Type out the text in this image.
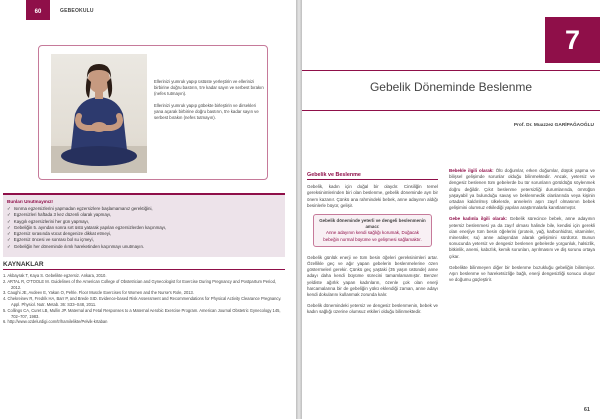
60	GEBEOKULU

Ellerinizi yumruk yapıp üstüste yerleştirin ve ellerinizi birbirine doğru bastırın, 5'e kadar sayın ve serbest bırakın (nefes tutmayın).

Ellerinizi yumruk yapıp göbekte birleştirin ve dirsekleri yana açarak birbirine doğru bastırın, 5'e kadar sayın ve serbest bırakın (nefes tutmayın).

Bunları Unutmayınız!
✓ Isınma egzersizlerini yapmadan egzersizlere başlamamanız gerektiğini,
✓ Egzersizleri haftada 3 kez düzenli olarak yapmayı,
✓ Kaygılı egzersizlerini her gün yapmayı,
✓ Gebeliğin 5. ayından sonra sırt üstü yatarak yapılan egzersizlerden kaçınmayı,
✓ Egzersiz sırasında vücut dengenize dikkat etmeyi,
✓ Egzersiz öncesi ve sonrası bol su içmeyi,
✓ Gebeliğin her döneminde ılımlı hareketinden kaçınmayı unutmayın.
KAYNAKLAR
1. Akbayrak T, Kaya S. Gebelikte egzersiz. Ankara, 2010.
2. ARTAL R, O'TOOLE M. Guidelines of the American College of Obstetrician and Gynecologist for Exercise During Pregnancy and Postpartum Period, 2012.
3. Caughi JE, Avdeev E, Yakan O, Pehle. Floor Muscle Exercises for Women and the Nurse's Role, 2013.
4. Chekreinev R, Fredrik HA, Barr P, and Brede SID. Evidence-based Risk Assessment and Recommendations for Physical Activity Clearance Pregnancy. Appl. Physiol. Nutr. Metab. 36: S33–S48, 2011.
5. Collings CA, Curet LB, Mullin JP. Maternal and Fetal Responses to a Maternal Aerobic Exercise Program. American Journal Obstetric Gynecology 145, 702–707, 1983.
6. http://www.ozdelurdigi.com/tr/hamilelikte/Pelvik-krtaban
7
Gebelik Döneminde Beslenme
Prof. Dr. Muazzez GARİPAĞAOĞLU
Gebelik ve Beslenme

Gebelik, kadın için doğal bir olaydır. Cinsiliğin temel gereksinimlerinden biri olan beslenme, gebelik döneminde ayrı bir önem kazanır. Çünkü ana rahmindeki bebek, anne adayının aldığı besinlerle büyür, gelişir.

Gebelik döneminde yeterli ve dengeli beslenmenin amacı:
Anne adayının kendi sağlığı korumak, Doğacak bebeğin normal büyüme ve gelişmesi sağlamaktır.

Gebelik günlük enerji ve tüm besin öğeleri gereksinimleri artar. Özellikle geç ve ağır yapan gebelerin beslenmelerine özen göstermeleri gerekir. Çünkü geç yaştaki (35 yaşın üstünde) anne adayı daha kendi büyüme sürecini tamamlamamıştır. Benzer yeldiste ağırlık yapan kadınların, özenle çok olan enerji harcamalarına bir de gebeliğin yükü eklendiği zaman, anne adayı kendi dokularını kullanmak zorunda kalır.

Gebelik dönemindeki yetersiz ve dengesiz beslenmenin, bebek ve kadın sağlığı üzerine olumsuz etkileri olduğu bilinmektedir.

Bebekle ilgili olarak: Ölü doğumlar, erken doğumlar, düşük yapma ve bilişsel gelişimde sorunlar olduğu bilinmektedir. Ancak, yetersiz ve dengesiz beslenen tüm gebelerde bu tür sorunların görüldüğü söylenmek doğru değildir. Çıkıt beslenme yetersizliği durumlarında, ömrüğün yaşayabil ya bulunduğu savaş ve beklenmedik olanlarında veya kişinin ortadan kaldırılmış ülkelerde, annelerin aşırı zayıf olmasının bebek gelişimini olumsuz etkilediği yapılan araştırmalarla kanıtlanmıştır.

Gebe kadınla ilgili olarak: Gebelik sürecince bebek, anne adayının yetersiz beslenmesi ya da zayıf olması halinde bile, kendisi için gerekli olan enerjiye tüm besin öğelerini (protein, yağ, karbonhidrat, vitaminler, mineraller, su) anne adayından alarak gelişimini sürdürür. Bunun sonucunda yetersiz ve dengesiz beslenen gebelerde yorgunluk, halsizlik, bitkinlik, anemi, kabızlık, kemik sorunları, ayrılmasını ve diş sorunu ortaya çıkar.

Gebelikte bilinmeyen diğer bir beslenme bozukluğu gebeliğin bilinmiyor. Aşırı beslenme ve hareketsizliğe bağlı, enerji dengesizliği sonucu oluşur ve doğumu güçleştirir.

61
